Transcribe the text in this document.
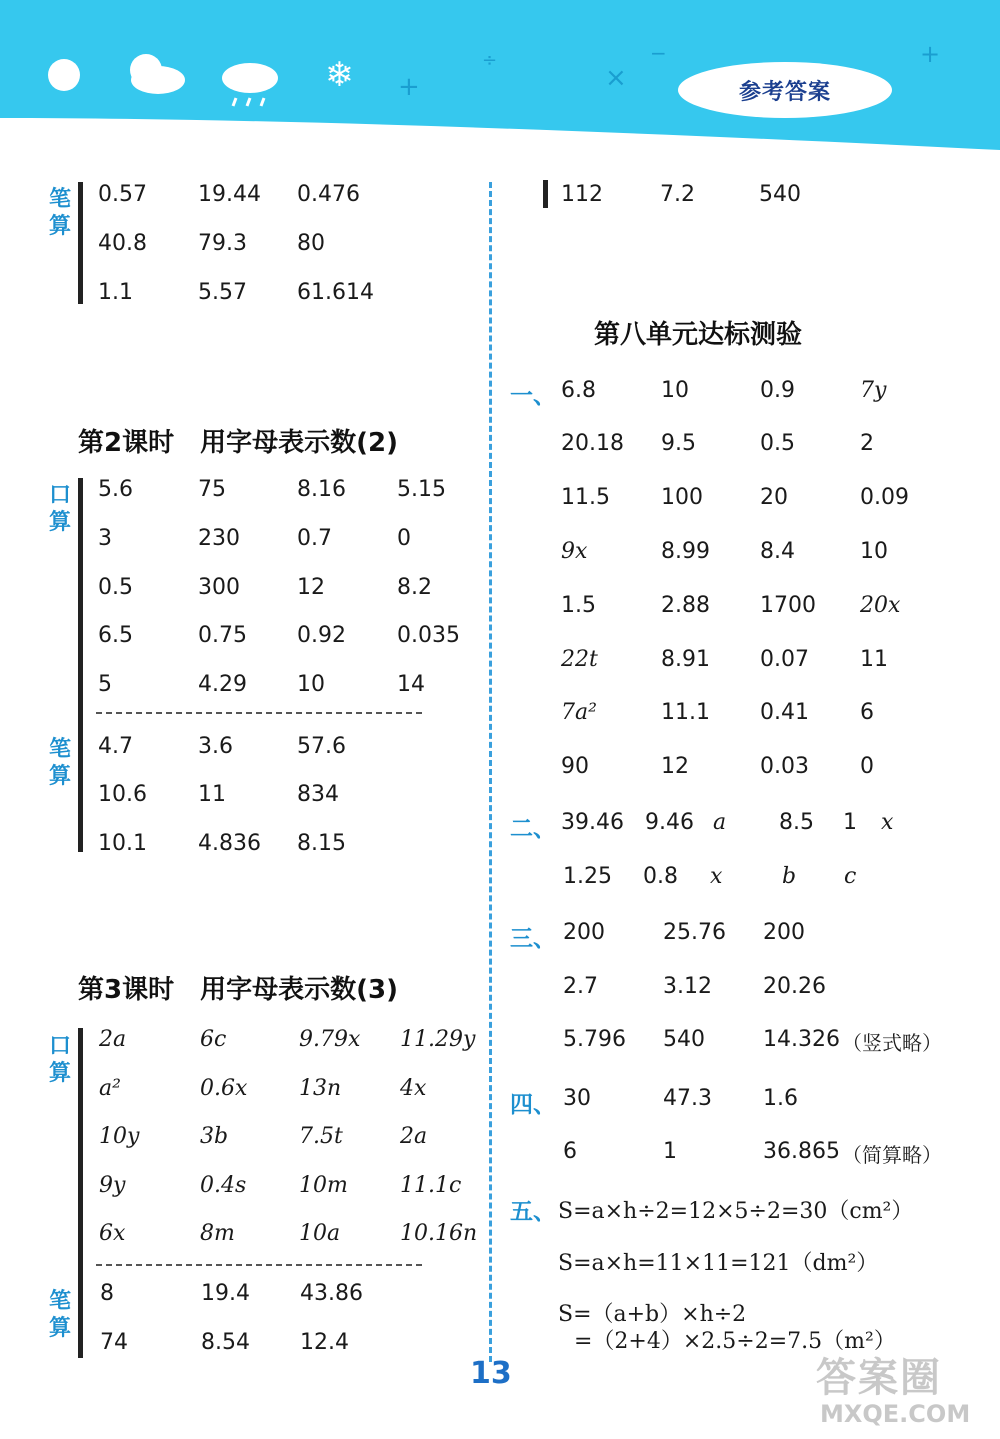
❄ +
÷
×
−	+
参考答案
笔算
0.57 19.44 0.476
40.8 79.3 80
1.1	5.57 61.614
第2课时　用字母表示数(2)
口算
5.6	75	8.16 5.15
3	230	0.7	0
0.5	300	12	8.2
6.5	0.75 0.92 0.035
5	4.29 10	14
笔算
4.7	3.6	57.6
10.6 11	834
10.1 4.836 8.15
第3课时　用字母表示数(3)
口算
2a	6c	9.79x 11.29y
a²	0.6x 13n	4x
10y	3b	7.5t	2a
9y	0.4s 10m 11.1c
6x	8m	10a	10.16n
笔算
8	19.4 43.86
74	8.54 12.4
112	7.2	540
第八单元达标测验
一、 6.8	10	0.9	7y
20.18 9.5	0.5	2
11.5 100	20	0.09
9x	8.99 8.4	10
1.5	2.88 1700 20x
22t	8.91 0.07 11
7a²	11.1 0.41 6
90	12	0.03 0
二、 39.46 9.46 a 8.5 1 x
1.25 0.8 x	b c
三、 200	25.76 200
2.7	3.12 20.26
5.796 540	14.326 （竖式略）
四、 30	47.3 1.6
6	1	36.865 （简算略）
五、 S=a×h÷2=12×5÷2=30（cm²）
S=a×h=11×11=121（dm²）
S=（a+b）×h÷2
=（2+4）×2.5÷2=7.5（m²）
13	答案圈
MXQE.COM
